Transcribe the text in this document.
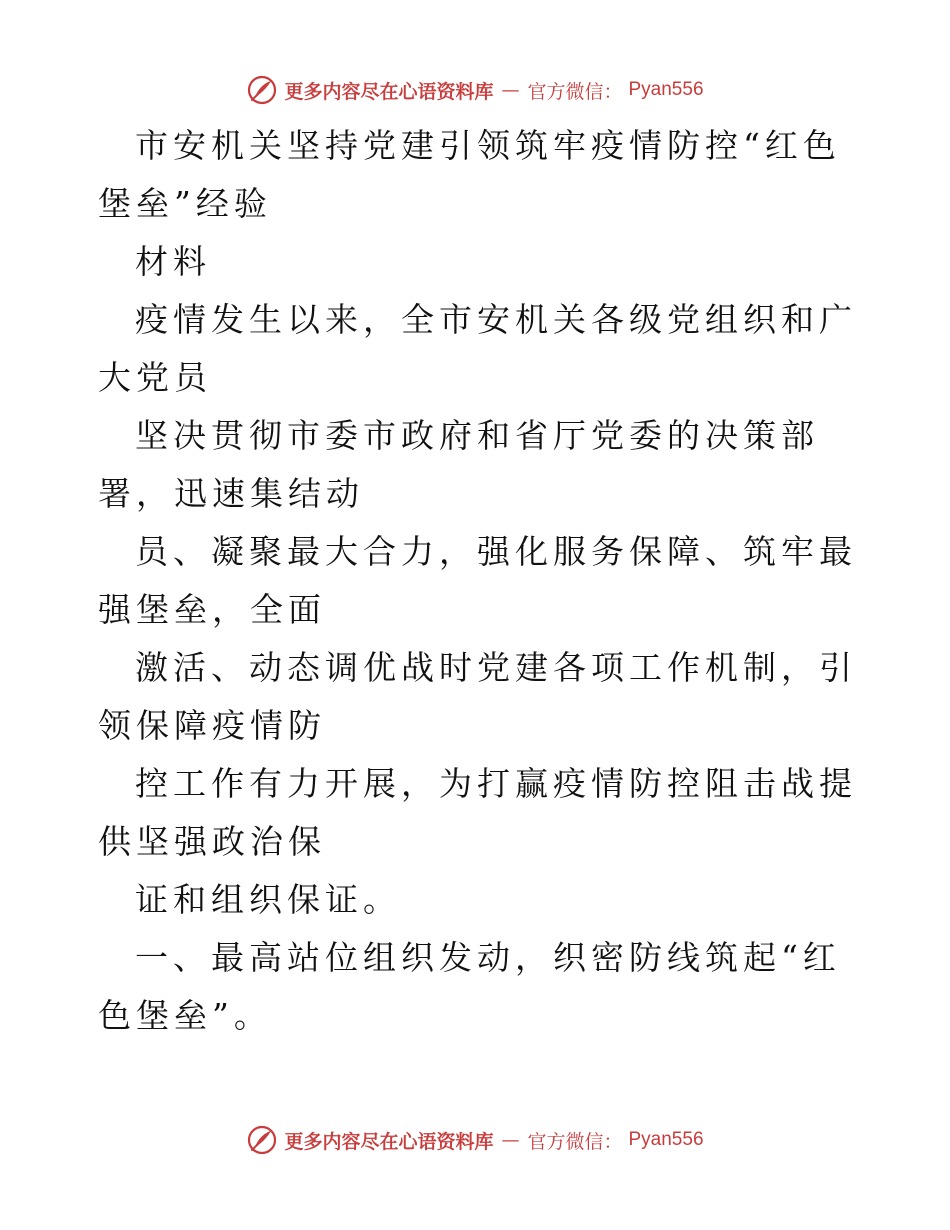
更多内容尽在心语资料库 — 官方微信： Pyan556

市安机关坚持党建引领筑牢疫情防控“红色堡垒”经验

材料

疫情发生以来，全市安机关各级党组织和广大党员

坚决贯彻市委市政府和省厅党委的决策部署，迅速集结动

员、凝聚最大合力，强化服务保障、筑牢最强堡垒，全面

激活、动态调优战时党建各项工作机制，引领保障疫情防

控工作有力开展，为打赢疫情防控阻击战提供坚强政治保

证和组织保证。

一、最高站位组织发动，织密防线筑起“红色堡垒”。

更多内容尽在心语资料库 — 官方微信： Pyan556
